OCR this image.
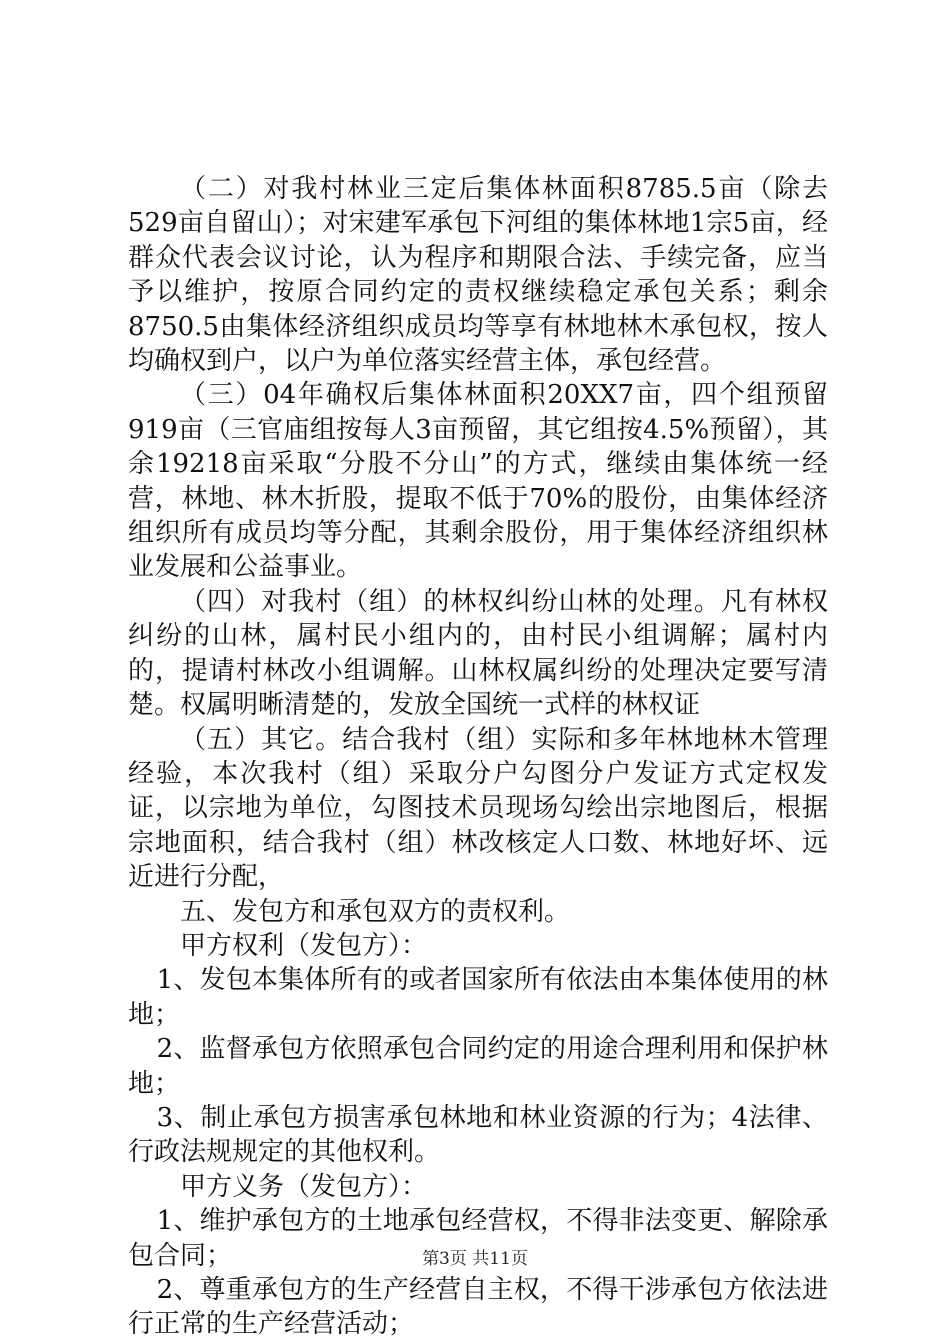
（二）对我村林业三定后集体林面积8785.5亩（除去529亩自留山）；对宋建军承包下河组的集体林地1宗5亩，经群众代表会议讨论，认为程序和期限合法、手续完备，应当予以维护，按原合同约定的责权继续稳定承包关系；剩余8750.5由集体经济组织成员均等享有林地林木承包权，按人均确权到户，以户为单位落实经营主体，承包经营。

（三）04年确权后集体林面积20XX7亩，四个组预留919亩（三官庙组按每人3亩预留，其它组按4.5%预留），其余19218亩采取“分股不分山”的方式，继续由集体统一经营，林地、林木折股，提取不低于70%的股份，由集体经济组织所有成员均等分配，其剩余股份，用于集体经济组织林业发展和公益事业。

（四）对我村（组）的林权纠纷山林的处理。凡有林权纠纷的山林，属村民小组内的，由村民小组调解；属村内的，提请村林改小组调解。山林权属纠纷的处理决定要写清楚。权属明晰清楚的，发放全国统一式样的林权证

（五）其它。结合我村（组）实际和多年林地林木管理经验，本次我村（组）采取分户勾图分户发证方式定权发证，以宗地为单位，勾图技术员现场勾绘出宗地图后，根据宗地面积，结合我村（组）林改核定人口数、林地好坏、远近进行分配，

五、发包方和承包双方的责权利。

甲方权利（发包方）：

1、发包本集体所有的或者国家所有依法由本集体使用的林地；

2、监督承包方依照承包合同约定的用途合理利用和保护林地；

3、制止承包方损害承包林地和林业资源的行为；4法律、行政法规规定的其他权利。

甲方义务（发包方）：

1、维护承包方的土地承包经营权，不得非法变更、解除承包合同；

2、尊重承包方的生产经营自主权，不得干涉承包方依法进行正常的生产经营活动；

第3页 共11页
